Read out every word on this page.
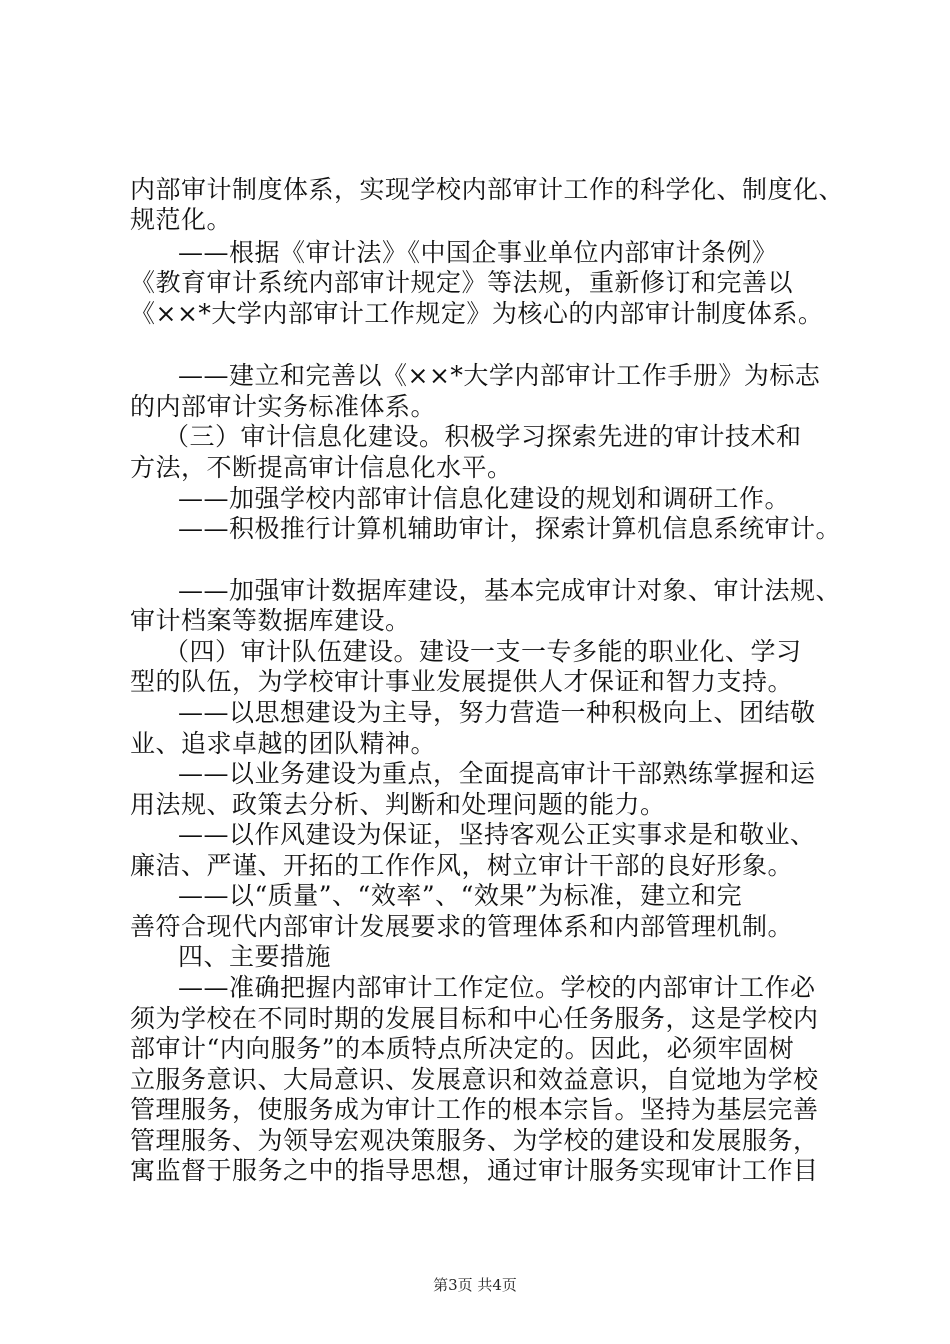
内部审计制度体系，实现学校内部审计工作的科学化、制度化、
规范化。
——根据《审计法》《中国企事业单位内部审计条例》
《教育审计系统内部审计规定》等法规，重新修订和完善以
《××*大学内部审计工作规定》为核心的内部审计制度体系。
——建立和完善以《××*大学内部审计工作手册》为标志
的内部审计实务标准体系。
（三）审计信息化建设。积极学习探索先进的审计技术和
方法，不断提高审计信息化水平。
——加强学校内部审计信息化建设的规划和调研工作。
——积极推行计算机辅助审计，探索计算机信息系统审计。
——加强审计数据库建设，基本完成审计对象、审计法规、
审计档案等数据库建设。
（四）审计队伍建设。建设一支一专多能的职业化、学习
型的队伍，为学校审计事业发展提供人才保证和智力支持。
——以思想建设为主导，努力营造一种积极向上、团结敬
业、追求卓越的团队精神。
——以业务建设为重点，全面提高审计干部熟练掌握和运
用法规、政策去分析、判断和处理问题的能力。
——以作风建设为保证，坚持客观公正实事求是和敬业、
廉洁、严谨、开拓的工作作风，树立审计干部的良好形象。
——以“质量”、“效率”、“效果”为标准，建立和完
善符合现代内部审计发展要求的管理体系和内部管理机制。
四、主要措施
——准确把握内部审计工作定位。学校的内部审计工作必
须为学校在不同时期的发展目标和中心任务服务，这是学校内
部审计“内向服务”的本质特点所决定的。因此，必须牢固树
立服务意识、大局意识、发展意识和效益意识，自觉地为学校
管理服务，使服务成为审计工作的根本宗旨。坚持为基层完善
管理服务、为领导宏观决策服务、为学校的建设和发展服务，
寓监督于服务之中的指导思想，通过审计服务实现审计工作目
第3页 共4页
